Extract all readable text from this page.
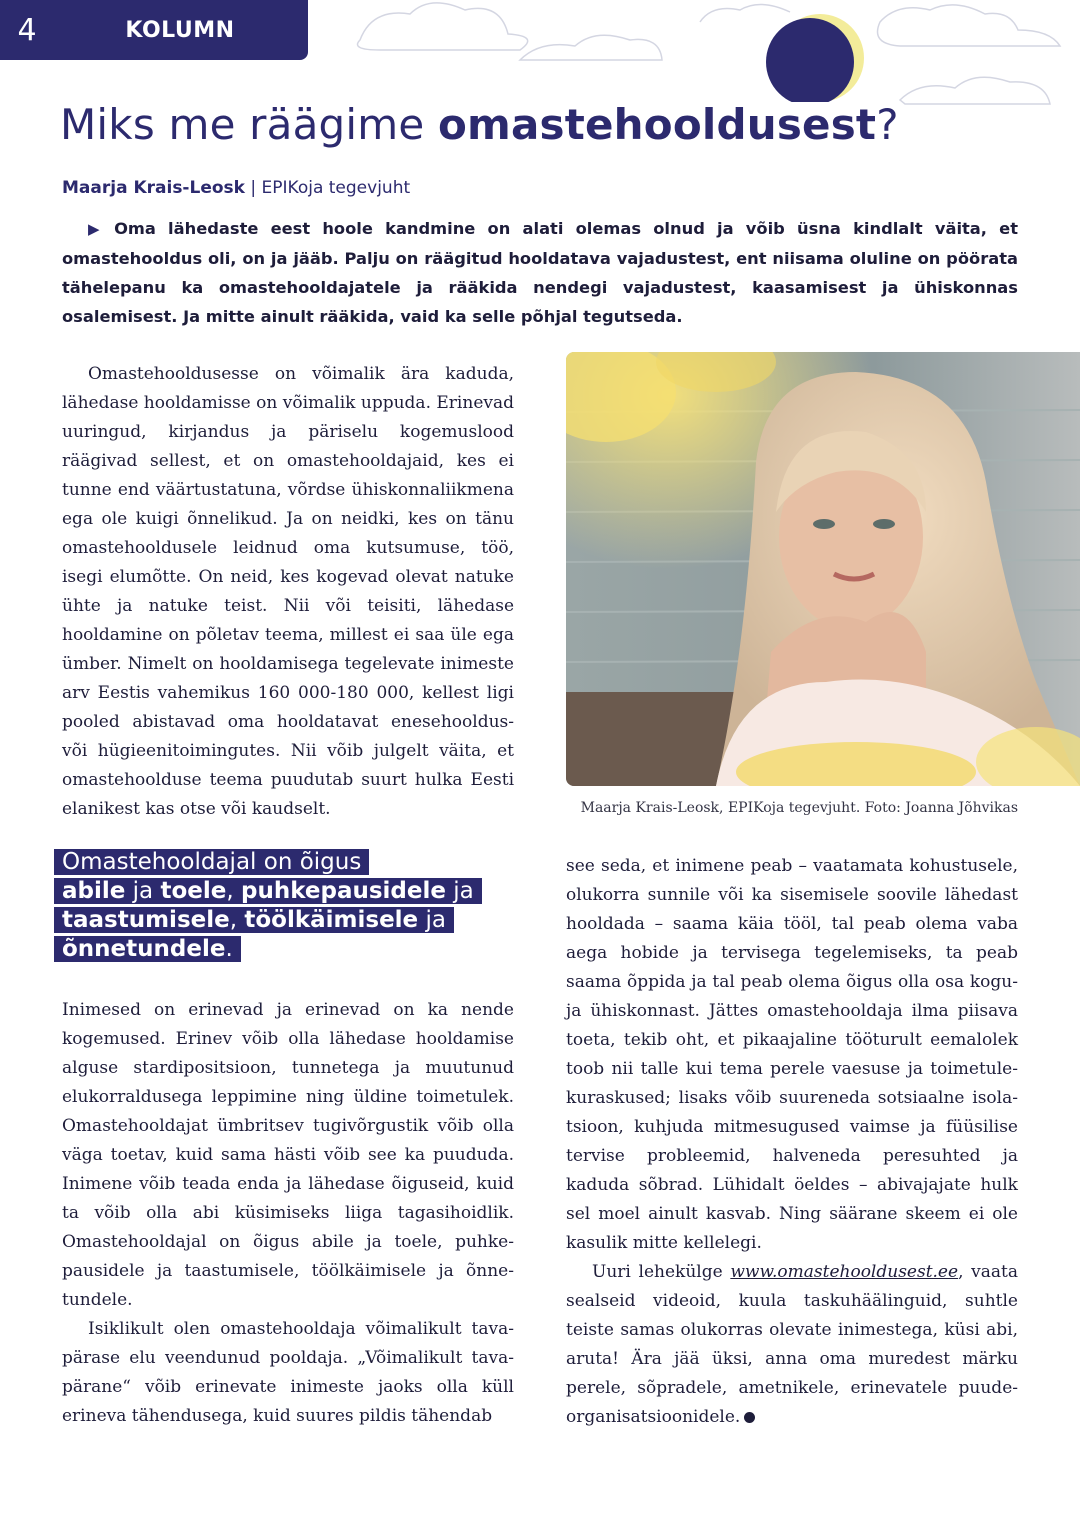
4	KOLUMN
Miks me räägime omastehooldusest?
Maarja Krais-Leosk | EPIKoja tegevjuht

▶ Oma lähedaste eest hoole kandmine on alati olemas olnud ja võib üsna kindlalt väita, et omastehooldus oli, on ja jääb. Palju on räägitud hooldatava vajadustest, ent niisama oluline on pöörata tähelepanu ka omastehooldajatele ja rääkida nendegi vajadustest, kaasamisest ja ühiskonnas osalemisest. Ja mitte ainult rääkida, vaid ka selle põhjal tegutseda.

Omastehooldusesse on võimalik ära kaduda, lähedase hooldamisse on võimalik uppuda. Erinevad uuringud, kirjandus ja päriselu kogemuslood räägivad sellest, et on omastehooldajaid, kes ei tunne end väärtustatuna, võrdse ühiskonnaliikmena ega ole kuigi õnnelikud. Ja on neidki, kes on tänu omastehooldusele leidnud oma kutsumuse, töö, isegi elumõtte. On neid, kes kogevad olevat natuke ühte ja natuke teist. Nii või teisiti, lähedase hooldamine on põletav teema, millest ei saa üle ega ümber. Nimelt on hooldamisega tegelevate inimeste arv Eestis vahemikus 160 000-180 000, kellest ligi pooled abistavad oma hooldatavat enesehooldus- või hügieenitoimingutes. Nii võib julgelt väita, et omastehoolduse teema puudutab suurt hulka Eesti elanikest kas otse või kaudselt.	Maarja Krais-Leosk, EPIKoja tegevjuht. Foto: Joanna Jõhvikas
Omastehooldajal on õigus
abile ja toele, puhkepausidele ja taastumisele, töölkäimisele ja õnnetundele.

Inimesed on erinevad ja erinevad on ka nende kogemused. Erinev võib olla lähedase hooldamise alguse stardipositsioon, tunnetega ja muutunud elukorraldusega leppimine ning üldine toimetulek. Omastehooldajat ümbritsev tugivõrgustik võib olla väga toetav, kuid sama hästi võib see ka puududa. Inimene võib teada enda ja lähedase õiguseid, kuid ta võib olla abi küsimiseks liiga tagasihoidlik. Omastehooldajal on õigus abile ja toele, puhkepausidele ja taastumisele, töölkäimisele ja õnnetundele.

Isiklikult olen omastehooldaja võimalikult tavapärase elu veendunud pooldaja. „Võimalikult tavapärane“ võib erinevate inimeste jaoks olla küll erineva tähendusega, kuid suures pildis tähendab

see seda, et inimene peab – vaatamata kohustusele, olukorra sunnile või ka sisemisele soovile lähedast hooldada – saama käia tööl, tal peab olema vaba aega hobide ja tervisega tegelemiseks, ta peab saama õppida ja tal peab olema õigus olla osa koguja ühiskonnast. Jättes omastehooldaja ilma piisava toeta, tekib oht, et pikaajaline tööturult eemalolek toob nii talle kui tema perele vaesuse ja toimetulekuraskused; lisaks võib suureneda sotsiaalne isolatsioon, kuhjuda mitmesugused vaimse ja füüsilise tervise probleemid, halveneda peresuhted ja kaduda sõbrad. Lühidalt öeldes – abivajajate hulk sel moel ainult kasvab. Ning säärane skeem ei ole kasulik mitte kellelegi.

Uuri lehekülge www.omastehooldusest.ee, vaata sealseid videoid, kuula taskuhäälinguid, suhtle teiste samas olukorras olevate inimestega, küsi abi, aruta! Ära jää üksi, anna oma muredest märku perele, sõpradele, ametnikele, erinevatele puudeorganisatsioonidele.
